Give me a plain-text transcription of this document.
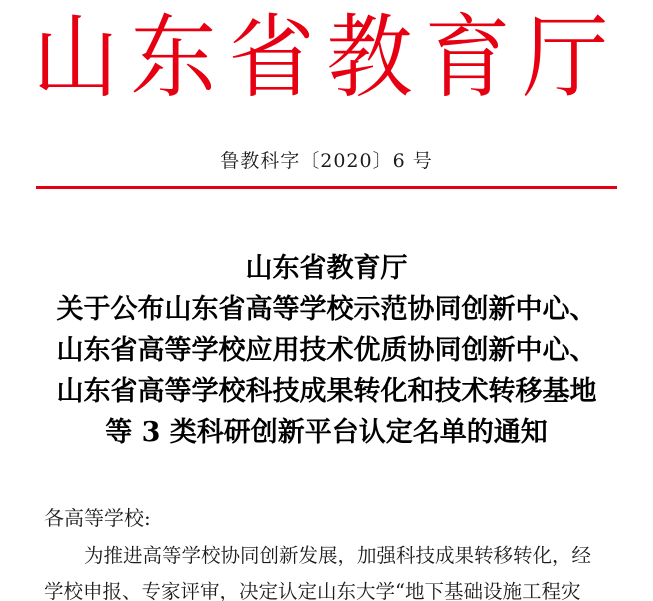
山东省教育厅
鲁教科字〔2020〕6 号
山东省教育厅
关于公布山东省高等学校示范协同创新中心、
山东省高等学校应用技术优质协同创新中心、
山东省高等学校科技成果转化和技术转移基地
等 3 类科研创新平台认定名单的通知
各高等学校:
为推进高等学校协同创新发展，加强科技成果转移转化，经
学校申报、专家评审，决定认定山东大学“地下基础设施工程灾
